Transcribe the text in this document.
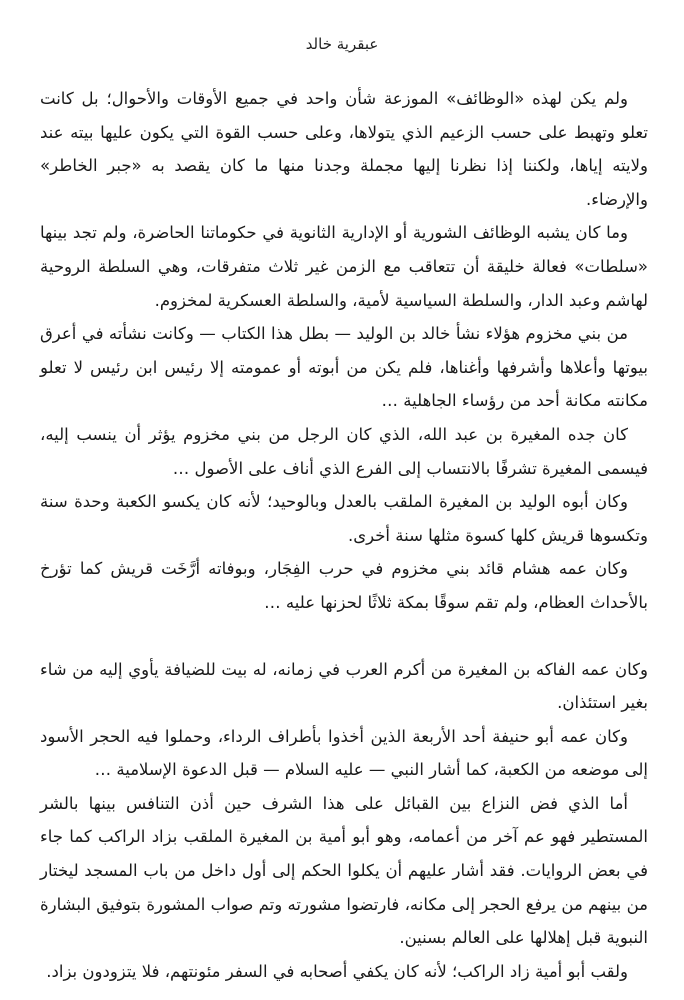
عبقرية خالد

ولم يكن لهذه «الوظائف» الموزعة شأن واحد في جميع الأوقات والأحوال؛ بل كانت تعلو وتهبط على حسب الزعيم الذي يتولاها، وعلى حسب القوة التي يكون عليها بيته عند ولايته إياها، ولكننا إذا نظرنا إليها مجملة وجدنا منها ما كان يقصد به «جبر الخاطر» والإرضاء.

وما كان يشبه الوظائف الشورية أو الإدارية الثانوية في حكوماتنا الحاضرة، ولم تجد بينها «سلطات» فعالة خليقة أن تتعاقب مع الزمن غير ثلاث متفرقات، وهي السلطة الروحية لهاشم وعبد الدار، والسلطة السياسية لأمية، والسلطة العسكرية لمخزوم.

من بني مخزوم هؤلاء نشأ خالد بن الوليد — بطل هذا الكتاب — وكانت نشأته في أعرق بيوتها وأعلاها وأشرفها وأغناها، فلم يكن من أبوته أو عمومته إلا رئيس ابن رئيس لا تعلو مكانته مكانة أحد من رؤساء الجاهلية …

كان جده المغيرة بن عبد الله، الذي كان الرجل من بني مخزوم يؤثر أن ينسب إليه، فيسمى المغيرة تشرفًا بالانتساب إلى الفرع الذي أناف على الأصول …

وكان أبوه الوليد بن المغيرة الملقب بالعدل وبالوحيد؛ لأنه كان يكسو الكعبة وحدة سنة وتكسوها قريش كلها كسوة مثلها سنة أخرى.

وكان عمه هشام قائد بني مخزوم في حرب الفِجَار، وبوفاته أرَّخَت قريش كما تؤرخ بالأحداث العظام، ولم تقم سوقًا بمكة ثلاثًا لحزنها عليه …

وكان عمه الفاكه بن المغيرة من أكرم العرب في زمانه، له بيت للضيافة يأوي إليه من شاء بغير استئذان.

وكان عمه أبو حنيفة أحد الأربعة الذين أخذوا بأطراف الرداء، وحملوا فيه الحجر الأسود إلى موضعه من الكعبة، كما أشار النبي — عليه السلام — قبل الدعوة الإسلامية …

أما الذي فض النزاع بين القبائل على هذا الشرف حين أذن التنافس بينها بالشر المستطير فهو عم آخر من أعمامه، وهو أبو أمية بن المغيرة الملقب بزاد الراكب كما جاء في بعض الروايات. فقد أشار عليهم أن يكلوا الحكم إلى أول داخل من باب المسجد ليختار من بينهم من يرفع الحجر إلى مكانه، فارتضوا مشورته وتم صواب المشورة بتوفيق البشارة النبوية قبل إهلالها على العالم بسنين.

ولقب أبو أمية زاد الراكب؛ لأنه كان يكفي أصحابه في السفر مئونتهم، فلا يتزودون بزاد.
